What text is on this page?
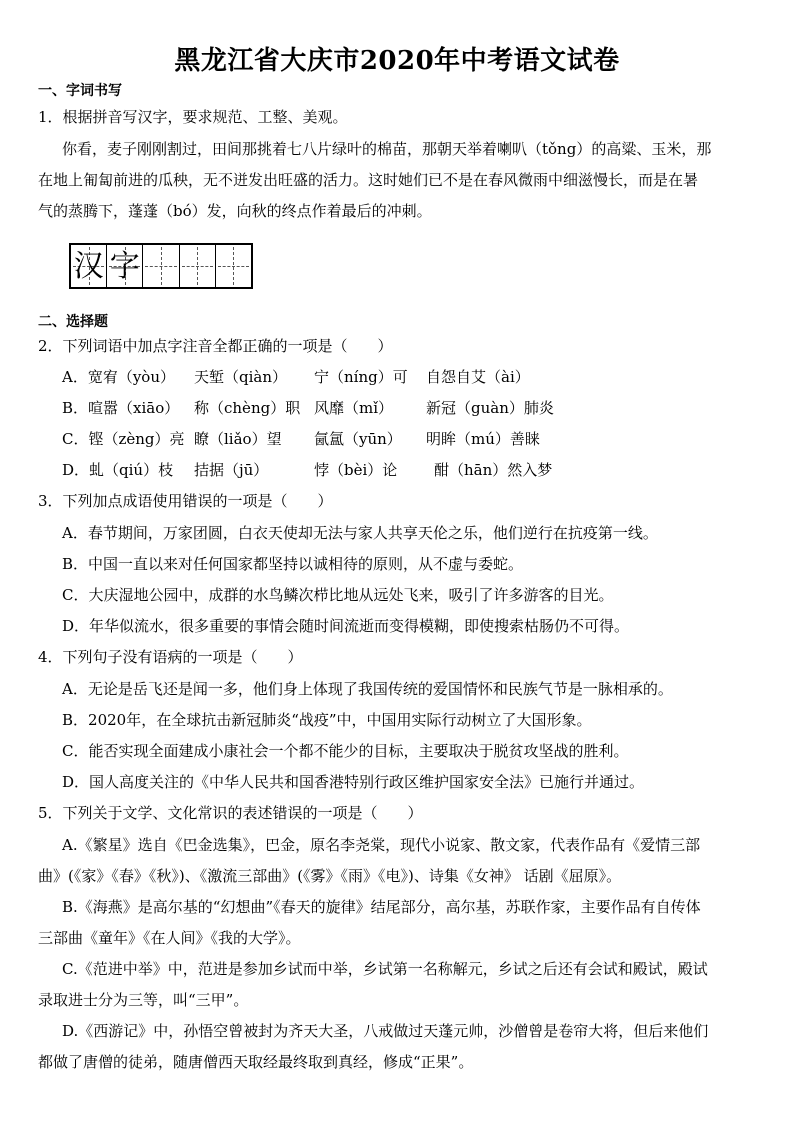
黑龙江省大庆市2020年中考语文试卷
一、字词书写
1．根据拼音写汉字，要求规范、工整、美观。
你看，麦子刚刚割过，田间那挑着七八片绿叶的棉苗，那朝天举着喇叭（tǒng）的高粱、玉米，那
在地上匍匐前进的瓜秧，无不迸发出旺盛的活力。这时她们已不是在春风微雨中细滋慢长，而是在暑
气的蒸腾下，蓬蓬（bó）发，向秋的终点作着最后的冲刺。
汉 字
二、选择题
2．下列词语中加点字注音全都正确的一项是（　　）
A．宽宥（yòu） 天堑（qiàn） 宁（níng）可 自怨自艾（ài）
B．喧嚣（xiāo） 称（chèng）职 风靡（mǐ） 新冠（guàn）肺炎
C．铿（zèng）亮 瞭（liǎo）望 氤氲（yūn） 明眸（mú）善睐
D．虬（qiú）枝 拮据（jū）	悖（bèi）论 酣（hān）然入梦
3．下列加点成语使用错误的一项是（　　）
A．春节期间，万家团圆，白衣天使却无法与家人共享天伦之乐，他们逆行在抗疫第一线。
B．中国一直以来对任何国家都坚持以诚相待的原则，从不虚与委蛇。
C．大庆湿地公园中，成群的水鸟鳞次栉比地从远处飞来，吸引了许多游客的目光。
D．年华似流水，很多重要的事情会随时间流逝而变得模糊，即使搜索枯肠仍不可得。
4．下列句子没有语病的一项是（　　）
A．无论是岳飞还是闻一多，他们身上体现了我国传统的爱国情怀和民族气节是一脉相承的。
B．2020年，在全球抗击新冠肺炎“战疫”中，中国用实际行动树立了大国形象。
C．能否实现全面建成小康社会一个都不能少的目标，主要取决于脱贫攻坚战的胜利。
D．国人高度关注的《中华人民共和国香港特别行政区维护国家安全法》已施行并通过。
5．下列关于文学、文化常识的表述错误的一项是（　　）
A.《繁星》选自《巴金选集》，巴金，原名李尧棠，现代小说家、散文家，代表作品有《爱情三部
曲》(《家》《春》《秋》)、《激流三部曲》(《雾》《雨》《电》)、诗集《女神》 话剧《屈原》。
B.《海燕》是高尔基的“幻想曲”《春天的旋律》结尾部分，高尔基，苏联作家，主要作品有自传体
三部曲《童年》《在人间》《我的大学》。
C.《范进中举》中，范进是参加乡试而中举，乡试第一名称解元，乡试之后还有会试和殿试，殿试
录取进士分为三等，叫“三甲”。
D.《西游记》中，孙悟空曾被封为齐天大圣，八戒做过天蓬元帅，沙僧曾是卷帘大将，但后来他们
都做了唐僧的徒弟，随唐僧西天取经最终取到真经，修成“正果”。
